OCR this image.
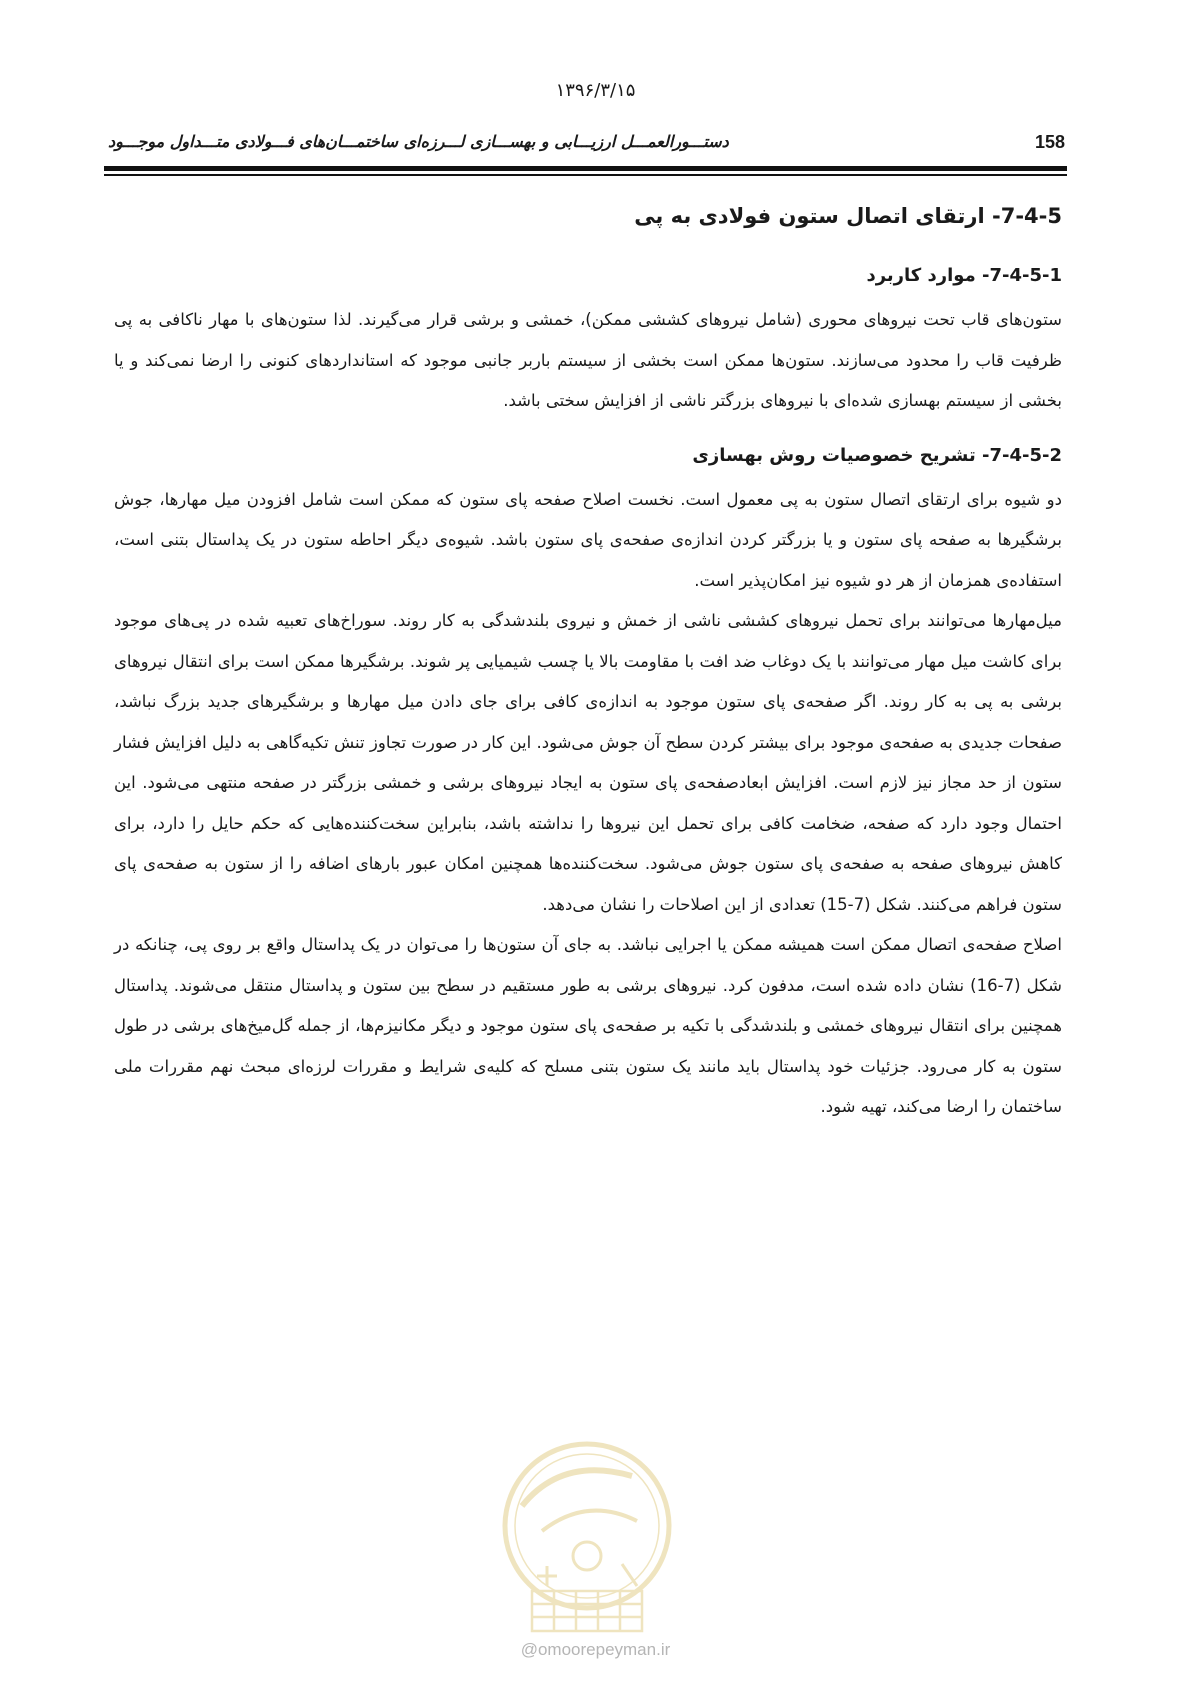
۱۳۹۶/۳/۱۵
158
دستـــورالعمـــل ارزیـــابی و بهســـازی لـــرزه‌ای ساختمـــان‌های فـــولادی متـــداول موجـــود
7-4-5- ارتقای اتصال ستون فولادی به پی
7-4-5-1- موارد کاربرد

ستون‌های قاب تحت نیروهای محوری (شامل نیروهای کششی ممکن)، خمشی و برشی قرار می‌گیرند. لذا ستون‌های با مهار ناکافی به پی ظرفیت قاب را محدود می‌سازند. ستون‌ها ممکن است بخشی از سیستم باربر جانبی موجود که استانداردهای کنونی را ارضا نمی‌کند و یا بخشی از سیستم بهسازی شده‌ای با نیروهای بزرگتر ناشی از افزایش سختی باشد.

7-4-5-2- تشریح خصوصیات روش بهسازی

دو شیوه برای ارتقای اتصال ستون به پی معمول است. نخست اصلاح صفحه پای ستون که ممکن است شامل افزودن میل مهارها، جوش برشگیرها به صفحه پای ستون و یا بزرگتر کردن اندازه‌ی صفحه‌ی پای ستون باشد. شیوه‌ی دیگر احاطه ستون در یک پداستال بتنی است، استفاده‌ی همزمان از هر دو شیوه نیز امکان‌پذیر است.

میل‌مهارها می‌توانند برای تحمل نیروهای کششی ناشی از خمش و نیروی بلندشدگی به کار روند. سوراخ‌های تعبیه شده در پی‌های موجود برای کاشت میل مهار می‌توانند با یک دوغاب ضد افت با مقاومت بالا یا چسب شیمیایی پر شوند. برشگیرها ممکن است برای انتقال نیروهای برشی به پی به کار روند. اگر صفحه‌ی پای ستون موجود به اندازه‌ی کافی برای جای دادن میل مهارها و برشگیرهای جدید بزرگ نباشد، صفحات جدیدی به صفحه‌ی موجود برای بیشتر کردن سطح آن جوش می‌شود. این کار در صورت تجاوز تنش تکیه‌گاهی به دلیل افزایش فشار ستون از حد مجاز نیز لازم است. افزایش ابعادصفحه‌ی پای ستون به ایجاد نیروهای برشی و خمشی بزرگتر در صفحه منتهی می‌شود. این احتمال وجود دارد که صفحه، ضخامت کافی برای تحمل این نیروها را نداشته باشد، بنابراین سخت‌کننده‌هایی که حکم حایل را دارد، برای کاهش نیروهای صفحه به صفحه‌ی پای ستون جوش می‌شود. سخت‌کننده‌ها همچنین امکان عبور بارهای اضافه را از ستون به صفحه‌ی پای ستون فراهم می‌کنند. شکل (7-15) تعدادی از این اصلاحات را نشان می‌دهد.

اصلاح صفحه‌ی اتصال ممکن است همیشه ممکن یا اجرایی نباشد. به جای آن ستون‌ها را می‌توان در یک پداستال واقع بر روی پی، چنانکه در شکل (7-16) نشان داده شده است، مدفون کرد. نیروهای برشی به طور مستقیم در سطح بین ستون و پداستال منتقل می‌شوند. پداستال همچنین برای انتقال نیروهای خمشی و بلندشدگی با تکیه بر صفحه‌ی پای ستون موجود و دیگر مکانیزم‌ها، از جمله گل‌میخ‌های برشی در طول ستون به کار می‌رود. جزئیات خود پداستال باید مانند یک ستون بتنی مسلح که کلیه‌ی شرایط و مقررات لرزه‌ای مبحث نهم مقررات ملی ساختمان را ارضا می‌کند، تهیه شود.

@omoorepeyman.ir
